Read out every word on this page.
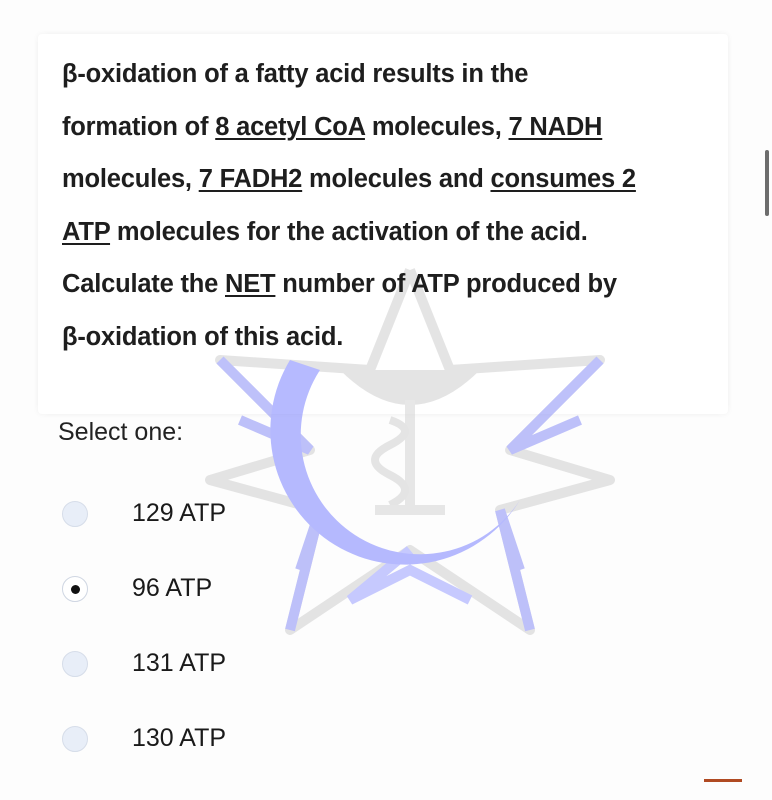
β-oxidation of a fatty acid results in the
formation of 8 acetyl CoA molecules, 7 NADH
molecules, 7 FADH2 molecules and consumes 2
ATP molecules for the activation of the acid.
Calculate the NET number of ATP produced by
β-oxidation of this acid.
Select one:
129 ATP
96 ATP
131 ATP
130 ATP
